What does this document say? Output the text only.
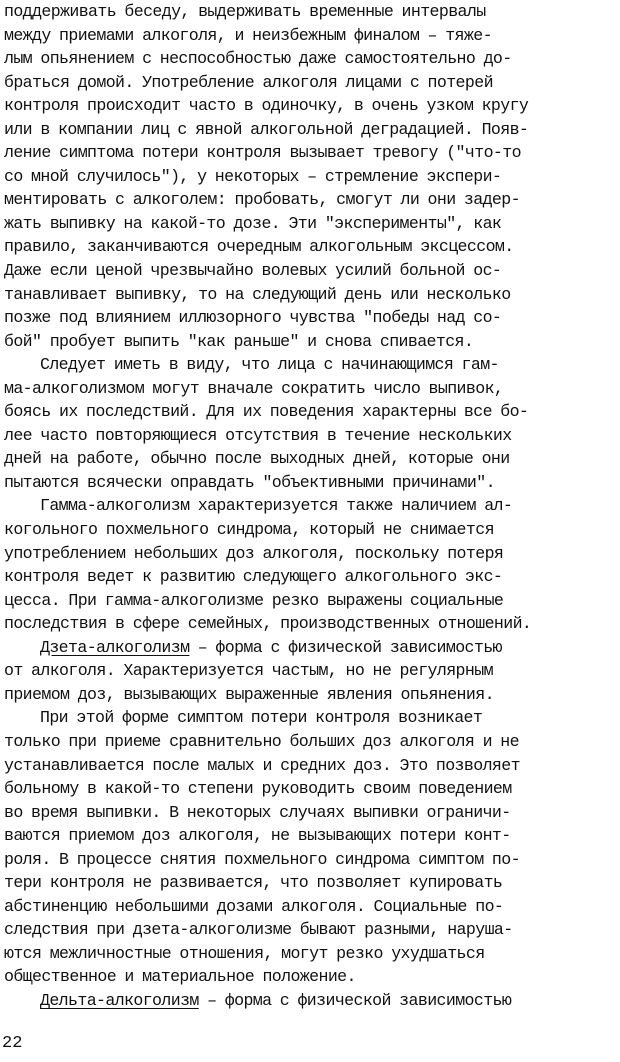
поддерживать беседу, выдерживать временные интервалы
между приемами алкоголя, и неизбежным финалом – тяже-
лым опьянением с неспособностью даже самостоятельно до-
браться домой. Употребление алкоголя лицами с потерей
контроля происходит часто в одиночку, в очень узком кругу
или в компании лиц с явной алкогольной деградацией. Появ-
ление симптома потери контроля вызывает тревогу ("что-то
со мной случилось"), у некоторых – стремление экспери-
ментировать с алкоголем: пробовать, смогут ли они задер-
жать выпивку на какой-то дозе. Эти "эксперименты", как
правило, заканчиваются очередным алкогольным эксцессом.
Даже если ценой чрезвычайно волевых усилий больной ос-
танавливает выпивку, то на следующий день или несколько
позже под влиянием иллюзорного чувства "победы над со-
бой" пробует выпить "как раньше" и снова спивается.
Следует иметь в виду, что лица с начинающимся гам-
ма-алкоголизмом могут вначале сократить число выпивок,
боясь их последствий. Для их поведения характерны все бо-
лее часто повторяющиеся отсутствия в течение нескольких
дней на работе, обычно после выходных дней, которые они
пытаются всячески оправдать "объективными причинами".
Гамма-алкоголизм характеризуется также наличием ал-
когольного похмельного синдрома, который не снимается
употреблением небольших доз алкоголя, поскольку потеря
контроля ведет к развитию следующего алкогольного экс-
цесса. При гамма-алкоголизме резко выражены социальные
последствия в сфере семейных, производственных отношений.
Дзета-алкоголизм – форма с физической зависимостью
от алкоголя. Характеризуется частым, но не регулярным
приемом доз, вызывающих выраженные явления опьянения.
При этой форме симптом потери контроля возникает
только при приеме сравнительно больших доз алкоголя и не
устанавливается после малых и средних доз. Это позволяет
больному в какой-то степени руководить своим поведением
во время выпивки. В некоторых случаях выпивки ограничи-
ваются приемом доз алкоголя, не вызывающих потери конт-
роля. В процессе снятия похмельного синдрома симптом по-
тери контроля не развивается, что позволяет купировать
абстиненцию небольшими дозами алкоголя. Социальные по-
следствия при дзета-алкоголизме бывают разными, наруша-
ются межличностные отношения, могут резко ухудшаться
общественное и материальное положение.
Дельта-алкоголизм – форма с физической зависимостью
22
